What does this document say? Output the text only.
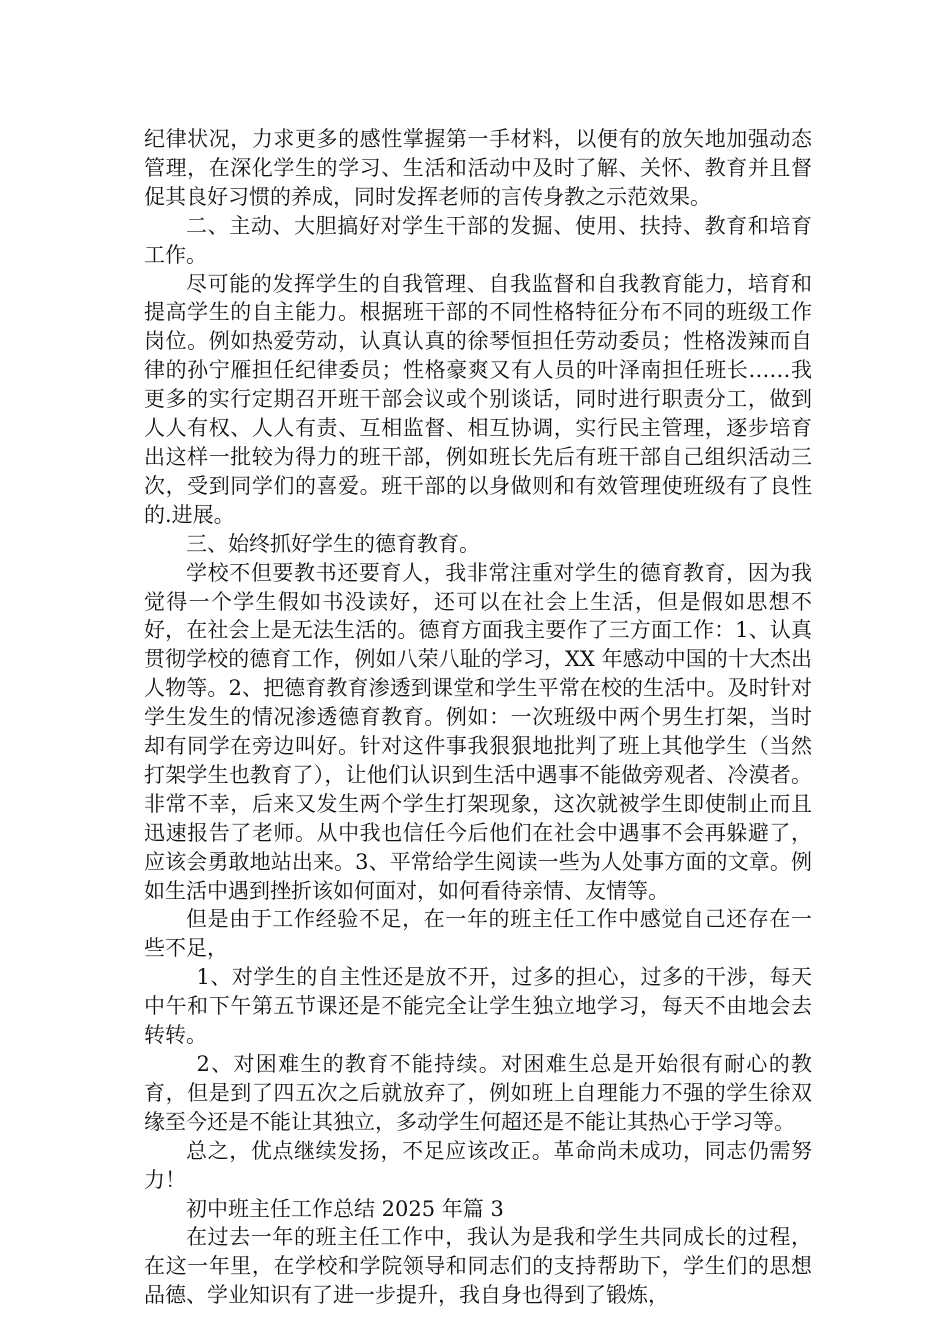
纪律状况，力求更多的感性掌握第一手材料，以便有的放矢地加强动态管理，在深化学生的学习、生活和活动中及时了解、关怀、教育并且督促其良好习惯的养成，同时发挥老师的言传身教之示范效果。

二、主动、大胆搞好对学生干部的发掘、使用、扶持、教育和培育工作。

尽可能的发挥学生的自我管理、自我监督和自我教育能力，培育和提高学生的自主能力。根据班干部的不同性格特征分布不同的班级工作岗位。例如热爱劳动，认真认真的徐琴恒担任劳动委员；性格泼辣而自律的孙宁雁担任纪律委员；性格豪爽又有人员的叶泽南担任班长……我更多的实行定期召开班干部会议或个别谈话，同时进行职责分工，做到人人有权、人人有责、互相监督、相互协调，实行民主管理，逐步培育出这样一批较为得力的班干部，例如班长先后有班干部自己组织活动三次，受到同学们的喜爱。班干部的以身做则和有效管理使班级有了良性的.进展。

三、始终抓好学生的德育教育。

学校不但要教书还要育人，我非常注重对学生的德育教育，因为我觉得一个学生假如书没读好，还可以在社会上生活，但是假如思想不好，在社会上是无法生活的。德育方面我主要作了三方面工作：1、认真贯彻学校的德育工作，例如八荣八耻的学习，XX 年感动中国的十大杰出人物等。2、把德育教育渗透到课堂和学生平常在校的生活中。及时针对学生发生的情况渗透德育教育。例如：一次班级中两个男生打架，当时却有同学在旁边叫好。针对这件事我狠狠地批判了班上其他学生（当然打架学生也教育了），让他们认识到生活中遇事不能做旁观者、冷漠者。非常不幸，后来又发生两个学生打架现象，这次就被学生即使制止而且迅速报告了老师。从中我也信任今后他们在社会中遇事不会再躲避了，应该会勇敢地站出来。3、平常给学生阅读一些为人处事方面的文章。例如生活中遇到挫折该如何面对，如何看待亲情、友情等。

但是由于工作经验不足，在一年的班主任工作中感觉自己还存在一些不足，

1、对学生的自主性还是放不开，过多的担心，过多的干涉，每天中午和下午第五节课还是不能完全让学生独立地学习，每天不由地会去转转。

2、对困难生的教育不能持续。对困难生总是开始很有耐心的教育，但是到了四五次之后就放弃了，例如班上自理能力不强的学生徐双缘至今还是不能让其独立，多动学生何超还是不能让其热心于学习等。

总之，优点继续发扬，不足应该改正。革命尚未成功，同志仍需努力！

初中班主任工作总结 2025 年篇 3

在过去一年的班主任工作中，我认为是我和学生共同成长的过程，在这一年里，在学校和学院领导和同志们的支持帮助下，学生们的思想品德、学业知识有了进一步提升，我自身也得到了锻炼，
